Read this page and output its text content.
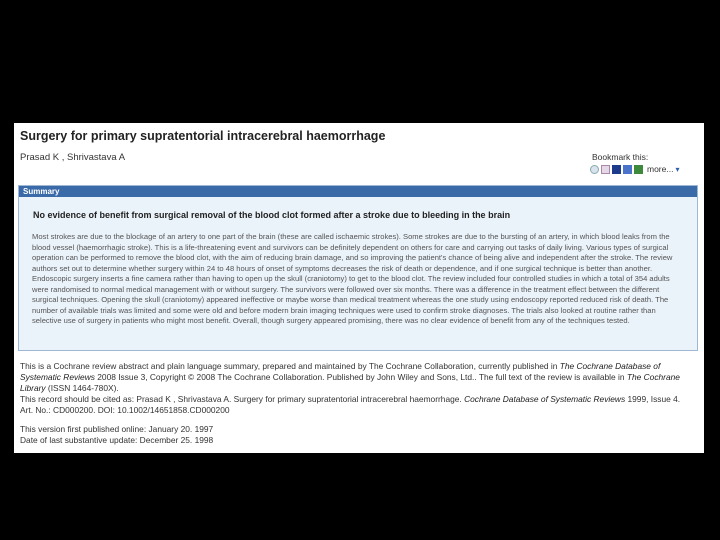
Surgery for primary supratentorial intracerebral haemorrhage
Prasad K , Shrivastava A	Bookmark this:
more... ▾
Summary
No evidence of benefit from surgical removal of the blood clot formed after a stroke due to bleeding in the brain
Most strokes are due to the blockage of an artery to one part of the brain (these are called ischaemic strokes). Some strokes are due to the bursting of an artery, in which blood leaks from the blood vessel (haemorrhagic stroke). This is a life-threatening event and survivors can be definitely dependent on others for care and carrying out tasks of daily living. Various types of surgical operation can be performed to remove the blood clot, with the aim of reducing brain damage, and so improving the patient's chance of being alive and independent after the stroke. The review authors set out to determine whether surgery within 24 to 48 hours of onset of symptoms decreases the risk of death or dependence, and if one surgical technique is better than another. Endoscopic surgery inserts a fine camera rather than having to open up the skull (craniotomy) to get to the blood clot. The review included four controlled studies in which a total of 354 adults were randomised to normal medical management with or without surgery. The survivors were followed over six months. There was a difference in the treatment effect between the different surgical techniques. Opening the skull (craniotomy) appeared ineffective or maybe worse than medical treatment whereas the one study using endoscopy reported reduced risk of death. The number of available trials was limited and some were old and before modern brain imaging techniques were used to confirm stroke diagnoses. The trials also looked at routine rather than selective use of surgery in patients who might most benefit. Overall, though surgery appeared promising, there was no clear evidence of benefit from any of the techniques tested.

This is a Cochrane review abstract and plain language summary, prepared and maintained by The Cochrane Collaboration, currently published in The Cochrane Database of Systematic Reviews 2008 Issue 3, Copyright © 2008 The Cochrane Collaboration. Published by John Wiley and Sons, Ltd.. The full text of the review is available in The Cochrane Library (ISSN 1464-780X).

This record should be cited as: Prasad K , Shrivastava A. Surgery for primary supratentorial intracerebral haemorrhage. Cochrane Database of Systematic Reviews 1999, Issue 4. Art. No.: CD000200. DOI: 10.1002/14651858.CD000200

This version first published online: January 20. 1997
Date of last substantive update: December 25. 1998
